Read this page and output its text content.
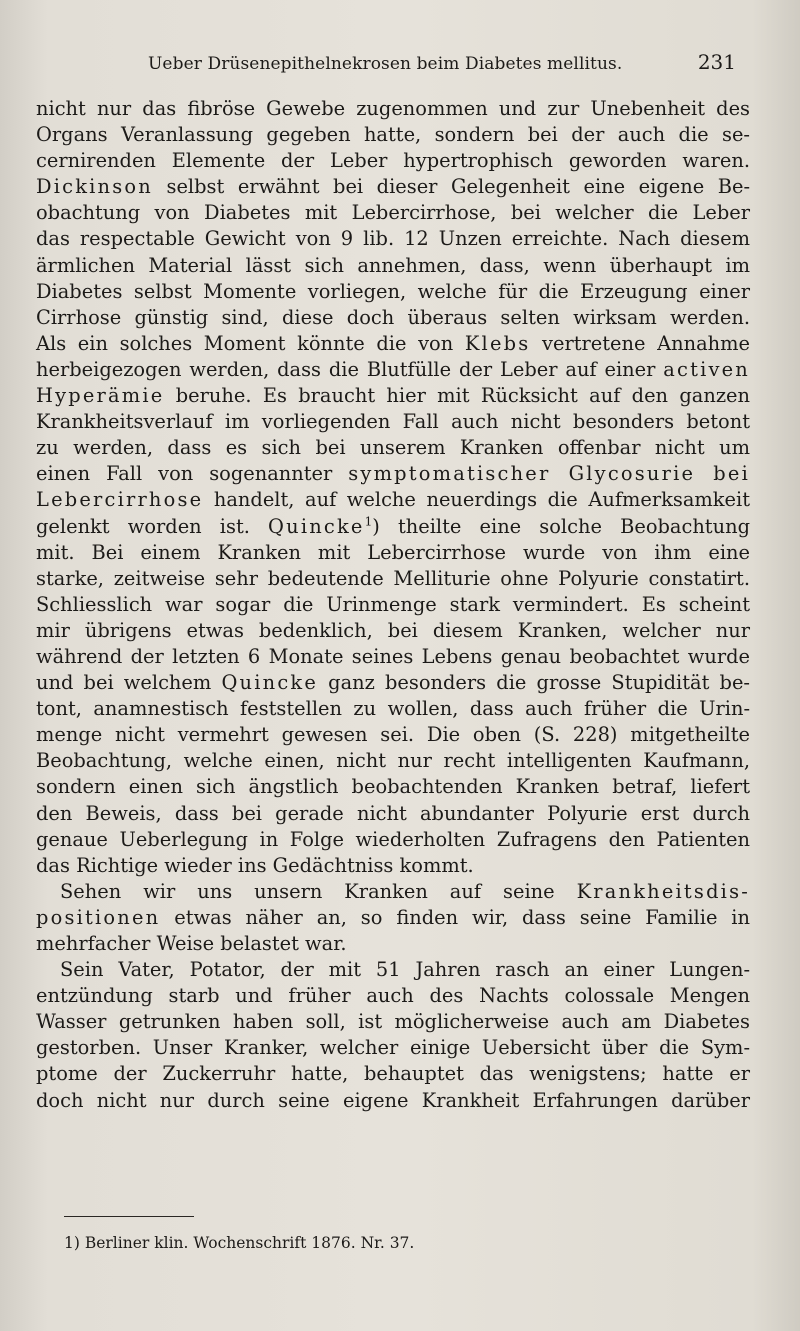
Ueber Drüsenepithelnekrosen beim Diabetes mellitus.	231
nicht nur das fibröse Gewebe zugenommen und zur Unebenheit des
Organs Veranlassung gegeben hatte, sondern bei der auch die se-
cernirenden Elemente der Leber hypertrophisch geworden waren.
Dickinson selbst erwähnt bei dieser Gelegenheit eine eigene Be-
obachtung von Diabetes mit Lebercirrhose, bei welcher die Leber
das respectable Gewicht von 9 lib. 12 Unzen erreichte. Nach diesem
ärmlichen Material lässt sich annehmen, dass, wenn überhaupt im
Diabetes selbst Momente vorliegen, welche für die Erzeugung einer
Cirrhose günstig sind, diese doch überaus selten wirksam werden.
Als ein solches Moment könnte die von Klebs vertretene Annahme
herbeigezogen werden, dass die Blutfülle der Leber auf einer activen
Hyperämie beruhe. Es braucht hier mit Rücksicht auf den ganzen
Krankheitsverlauf im vorliegenden Fall auch nicht besonders betont
zu werden, dass es sich bei unserem Kranken offenbar nicht um
einen Fall von sogenannter symptomatischer Glycosurie bei
Lebercirrhose handelt, auf welche neuerdings die Aufmerksamkeit
gelenkt worden ist. Quincke$^1$) theilte eine solche Beobachtung
mit. Bei einem Kranken mit Lebercirrhose wurde von ihm eine
starke, zeitweise sehr bedeutende Melliturie ohne Polyurie constatirt.
Schliesslich war sogar die Urinmenge stark vermindert. Es scheint
mir übrigens etwas bedenklich, bei diesem Kranken, welcher nur
während der letzten 6 Monate seines Lebens genau beobachtet wurde
und bei welchem Quincke ganz besonders die grosse Stupidität be-
tont, anamnestisch feststellen zu wollen, dass auch früher die Urin-
menge nicht vermehrt gewesen sei. Die oben (S. 228) mitgetheilte
Beobachtung, welche einen, nicht nur recht intelligenten Kaufmann,
sondern einen sich ängstlich beobachtenden Kranken betraf, liefert
den Beweis, dass bei gerade nicht abundanter Polyurie erst durch
genaue Ueberlegung in Folge wiederholten Zufragens den Patienten
das Richtige wieder ins Gedächtniss kommt.
Sehen wir uns unsern Kranken auf seine Krankheitsdis-
positionen etwas näher an, so finden wir, dass seine Familie in
mehrfacher Weise belastet war.
Sein Vater, Potator, der mit 51 Jahren rasch an einer Lungen-
entzündung starb und früher auch des Nachts colossale Mengen
Wasser getrunken haben soll, ist möglicherweise auch am Diabetes
gestorben. Unser Kranker, welcher einige Uebersicht über die Sym-
ptome der Zuckerruhr hatte, behauptet das wenigstens; hatte er
doch nicht nur durch seine eigene Krankheit Erfahrungen darüber
1) Berliner klin. Wochenschrift 1876. Nr. 37.
